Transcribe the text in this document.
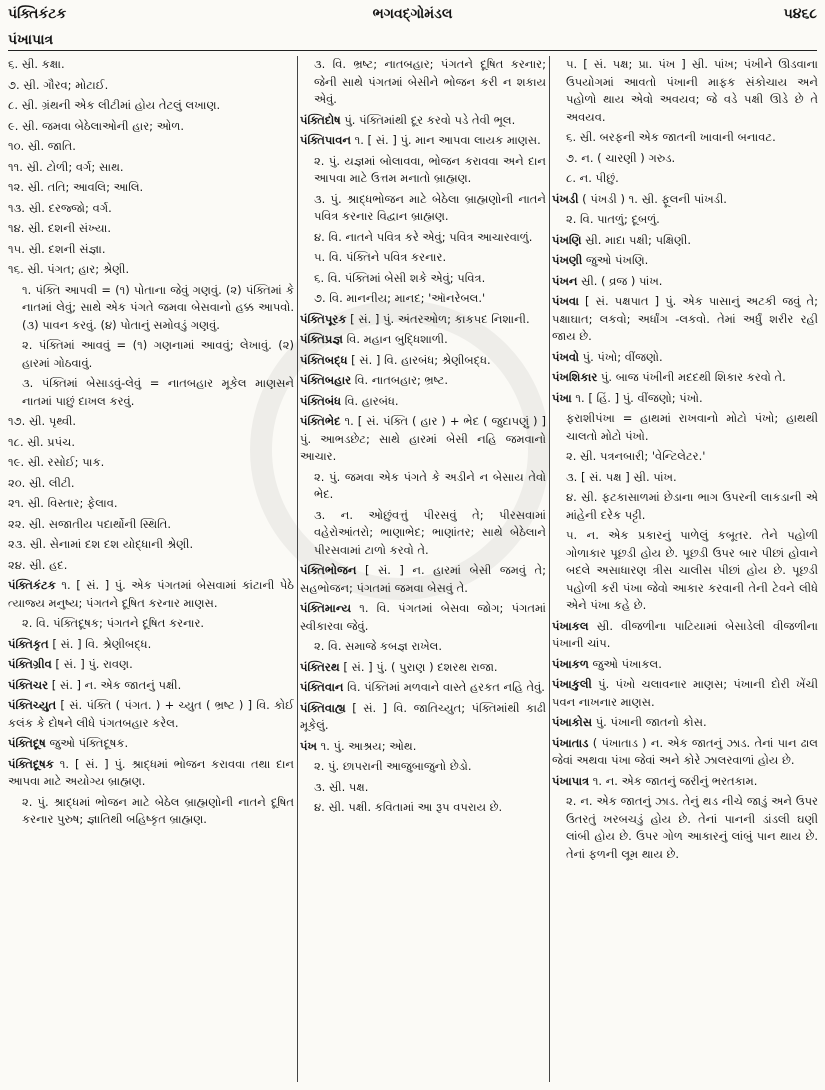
પંક્તિકંટક	ભગવદ્ગોમંડલ	૫૪૬૮
પંખાપાત્ર

૬. સ્રી. કક્ષા.

૭. સ્રી. ગૌરવ; મોટાઈ.

૮. સ્રી. ગ્રંથની એક લીટીમાં હોય તેટલું લખાણ.

૯. સ્રી. જમવા બેઠેલાઓની હાર; ઓળ.

૧૦. સ્રી. જાતિ.

૧૧. સ્રી. ટોળી; વર્ગ; સાથ.

૧૨. સ્રી. તતિ; આવલિ; આલિ.

૧૩. સ્રી. દરજ્જો; વર્ગ.

૧૪. સ્રી. દશની સંખ્યા.

૧૫. સ્રી. દશની સંજ્ઞા.

૧૬. સ્રી. પંગત; હાર; શ્રેણી.

૧. પંક્તિ આપવી = (૧) પોતાના જેવું ગણવું. (૨) પંક્તિમાં કે નાતમાં લેવું; સાથે એક પંગતે જમવા બેસવાનો હક્ક આપવો. (૩) પાવન કરવું. (૪) પોતાનું સમોવડું ગણવું.

૨. પંક્તિમાં આવવું = (૧) ગણનામાં આવવું; લેખાવું. (૨) હારમાં ગોઠવાવું.

૩. પંક્તિમાં બેસાડવું-લેવું = નાતબહાર મૂકેલ માણસને નાતમાં પાછું દાખલ કરવું.

૧૭. સ્રી. પૃથ્વી.

૧૮. સ્રી. પ્રપંચ.

૧૯. સ્રી. રસોઈ; પાક.

૨૦. સ્રી. લીટી.

૨૧. સ્રી. વિસ્તાર; ફેલાવ.

૨૨. સ્રી. સજાતીય પદાર્થોની સ્થિતિ.

૨૩. સ્રી. સેનામાં દશ દશ યોદ્ધાની શ્રેણી.

૨૪. સ્રી. હદ.

પંક્તિકંટક ૧. [ સં. ] પું. એક પંગતમાં બેસવામાં કાંટાની પેઠે ત્યાજ્ય મનુષ્ય; પંગતને દૂષિત કરનાર માણસ.

૨. વિ. પંક્તિદૂષક; પંગતને દૂષિત કરનાર.

પંક્તિકૃત [ સં. ] વિ. શ્રેણીબદ્ધ.

પંક્તિગ્રીવ [ સં. ] પું. રાવણ.

પંક્તિચર [ સં. ] ન. એક જાતનું પક્ષી.

પંક્તિચ્યુત [ સં. પંક્તિ ( પંગત. ) + ચ્યુત ( ભ્રષ્ટ ) ] વિ. કોઈ કલંક કે દોષને લીધે પંગતબહાર કરેલ.

પંક્તિદૂષ જુઓ પંક્તિદૂષક.

પંક્તિદૂષક ૧. [ સં. ] પું. શ્રાદ્ધમાં ભોજન કરાવવા તથા દાન આપવા માટે અયોગ્ય બ્રાહ્મણ.

૨. પું. શ્રાદ્ધમાં ભોજન માટે બેઠેલ બ્રાહ્મણોની નાતને દૂષિત કરનાર પુરુષ; જ્ઞાતિથી બહિષ્કૃત બ્રાહ્મણ.

૩. વિ. ભ્રષ્ટ; નાતબહાર; પંગતને દૂષિત કરનાર; જેની સાથે પંગતમાં બેસીને ભોજન કરી ન શકાય એવું.

પંક્તિદોષ પું. પંક્તિમાંથી દૂર કરવો પડે તેવી ભૂલ.

પંક્તિપાવન ૧. [ સં. ] પું. માન આપવા લાયક માણસ.

૨. પું. યજ્ઞમાં બોલાવવા, ભોજન કરાવવા અને દાન આપવા માટે ઉત્તમ મનાતો બ્રાહ્મણ.

૩. પું. શ્રાદ્ધભોજન માટે બેઠેલા બ્રાહ્મણોની નાતને પવિત્ર કરનાર વિદ્વાન બ્રાહ્મણ.

૪. વિ. નાતને પવિત્ર કરે એવું; પવિત્ર આચારવાળું.

૫. વિ. પંક્તિને પવિત્ર કરનાર.

૬. વિ. પંક્તિમાં બેસી શકે એવું; પવિત્ર.

૭. વિ. માનનીય; માનદ; 'ઑનરેબલ.'

પંક્તિપૂરક [ સં. ] પું. અંતરઓળ; કાકપદ નિશાની.

પંક્તિપ્રજ્ઞ વિ. મહાન બુદ્ધિશાળી.

પંક્તિબદ્ધ [ સં. ] વિ. હારબંધ; શ્રેણીબદ્ધ.

પંક્તિબહાર વિ. નાતબહાર; ભ્રષ્ટ.

પંક્તિબંધ વિ. હારબંધ.

પંક્તિભેદ ૧. [ સં. પંક્તિ ( હાર ) + ભેદ ( જુદાપણું ) ] પું. આભડછેટ; સાથે હારમાં બેસી નહિ જમવાનો આચાર.

૨. પું. જમવા એક પંગતે કે અડીને ન બેસાય તેવો ભેદ.

૩. ન. ઓછુંવત્તું પીરસવું તે; પીરસવામાં વહેરોઆંતરો; ભાણાભેદ; ભાણાંતર; સાથે બેઠેલાને પીરસવામાં ટાળો કરવો તે.

પંક્તિભોજન [ સં. ] ન. હારમાં બેસી જમવું તે; સહભોજન; પંગતમાં જમવા બેસવું તે.

પંક્તિમાન્ય ૧. વિ. પંગતમાં બેસવા જોગ; પંગતમાં સ્વીકારવા જેવું.

૨. વિ. સમાજે કબજ્ઞ રાખેલ.

પંક્તિરથ [ સં. ] પું. ( પુરાણ ) દશરથ રાજા.

પંક્તિવાન વિ. પંક્તિમાં મળવાને વાસ્તે હરકત નહિ તેવું.

પંક્તિવાહ્ય [ સં. ] વિ. જાતિચ્યુત; પંક્તિમાંથી કાઢી મૂકેલું.

પંખ ૧. પું. આશ્રય; ઓથ.

૨. પું. છાપરાની આજુબાજુનો છેડો.

૩. સ્રી. પક્ષ.

૪. સ્રી. પક્ષી. કવિતામાં આ રૂપ વપરાય છે.

૫. [ સં. પક્ષ; પ્રા. પંખ ] સ્રી. પાંખ; પંખીને ઊડવાના ઉપયોગમાં આવતો પંખાની માફક સંકોચાય અને પહોળો થાય એવો અવયવ; જે વડે પક્ષી ઊડે છે તે અવયવ.

૬. સ્રી. બરફની એક જાતની ખાવાની બનાવટ.

૭. ન. ( ચારણી ) ગરુડ.

૮. ન. પીછું.

પંખડી ( પંખડી ) ૧. સ્રી. ફૂલની પાંખડી.

૨. વિ. પાતળું; દૂબળું.

પંખણિ સ્રી. માદા પક્ષી; પક્ષિણી.

પંખણી જુઓ પંખણિ.

પંખન સ્રી. ( વ્રજ ) પાંખ.

પંખવા [ સં. પક્ષપાત ] પું. એક પાસાનું અટકી જવું તે; પક્ષાઘાત; લકવો; અર્ધાંગ -લકવો. તેમાં અર્ધું શરીર રહી જાય છે.

પંખવો પું. પંખો; વીંજણો.

પંખશિકાર પું. બાજ પંખીની મદદથી શિકાર કરવો તે.

પંખા ૧. [ હિં. ] પું. વીંજણો; પંખો.

ફરાશીપંખા = હાથમાં રાખવાનો મોટો પંખો; હાથથી ચાલતો મોટો પંખો.

૨. સ્રી. પત્રનબારી; 'વેન્ટિલેટર.'

૩. [ સં. પક્ષ ] સ્રી. પાંખ.

૪. સ્રી. ફટકાસાળમાં છેડાના ભાગ ઉપરની લાકડાની એ માંહેની દરેક પટ્ટી.

૫. ન. એક પ્રકારનું પાળેલું કબૂતર. તેને પહોળી ગોળાકાર પૂછડી હોય છે. પૂછડી ઉપર બાર પીછાં હોવાને બદલે અસાધારણ ત્રીસ ચાલીસ પીછાં હોય છે. પૂછડી પહોળી કરી પંખા જેવો આકાર કરવાની તેની ટેવને લીધે એને પંખા કહે છે.

પંખાકલ સ્રી. વીજળીના પાટિયામાં બેસાડેલી વીજળીના પંખાની ચાંપ.

પંખાકળ જુઓ પંખાકલ.

પંખાકુલી પું. પંખો ચલાવનાર માણસ; પંખાની દોરી ખેંચી પવન નાખનાર માણસ.

પંખાકોસ પું. પંખાની જાતનો કોસ.

પંખાતાડ ( પંખાતાડ ) ન. એક જાતનું ઝાડ. તેનાં પાન ઢાલ જેવાં અથવા પંખા જેવાં અને કોરે ઝાલરવાળાં હોય છે.

પંખાપાત્ર ૧. ન. એક જાતનું જરીનું ભરતકામ.

૨. ન. એક જાતનું ઝાડ. તેનું થડ નીચે જાડું અને ઉપર ઉતરતું ખરબચડું હોય છે. તેનાં પાનની ડાંડલી ઘણી લાંબી હોય છે. ઉપર ગોળ આકારનું લાંબું પાન થાય છે. તેનાં ફળની લૂમ થાય છે.
